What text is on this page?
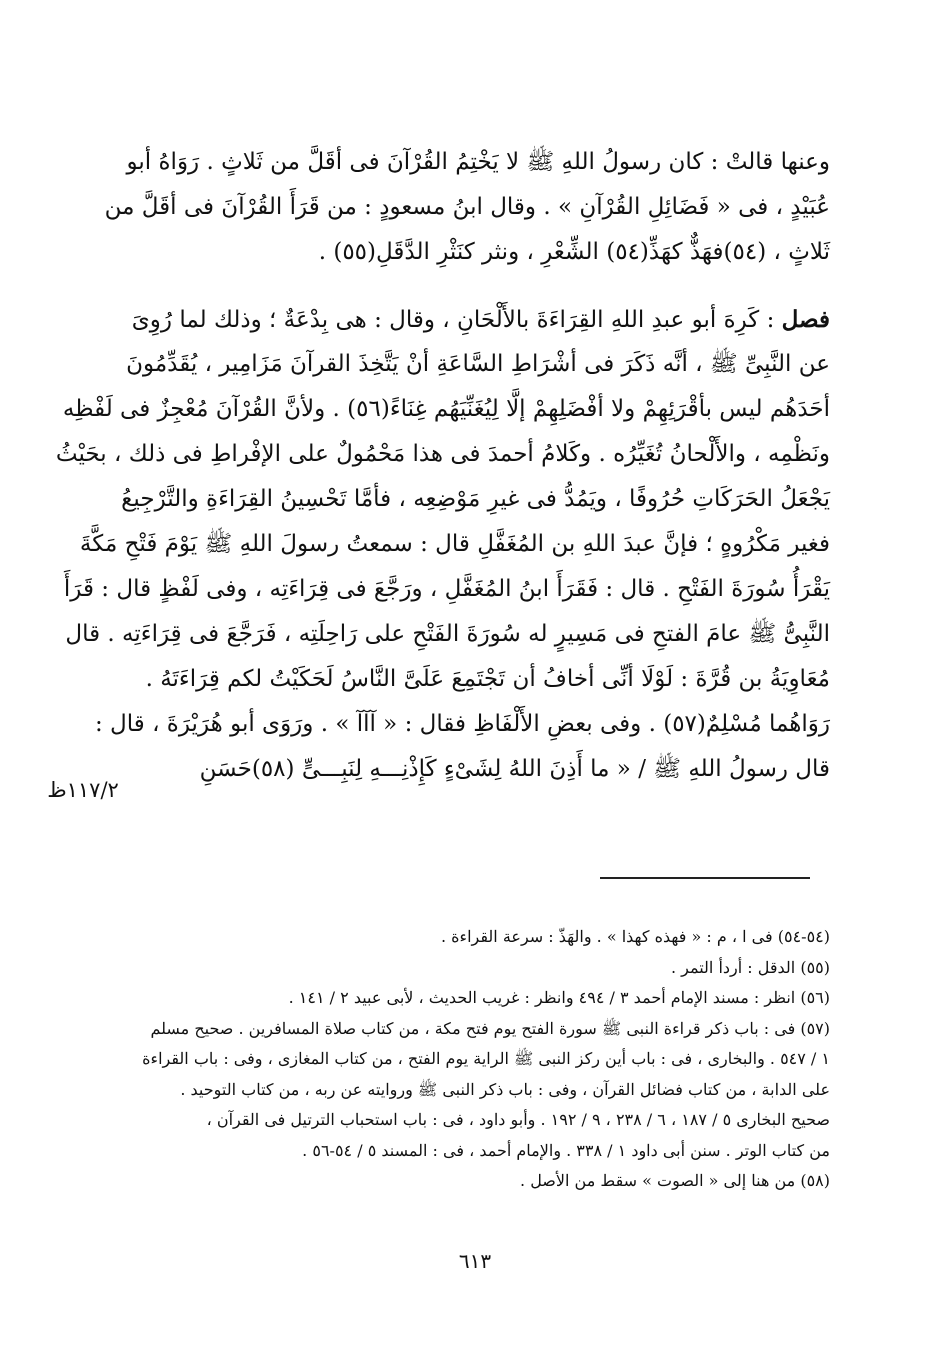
وعنها قالتْ : كان رسولُ اللهِ ﷺ لا يَخْتِمُ القُرْآنَ فى أقَلَّ من ثَلاثٍ . رَوَاهُ أبو
عُبَيْدٍ ، فى « فَضَائِلِ القُرْآنِ » . وقال ابنُ مسعودٍ : من قَرَأَ القُرْآنَ فى أقَلَّ من
ثَلاثٍ ، (٥٤)فهَذٌّ كهَذِّ(٥٤) الشِّعْرِ ، ونثر كنَثْرِ الدَّقَلِ(٥٥) .
فصل : كَرِهَ أبو عبدِ اللهِ القِرَاءَةَ بالأَلْحَانِ ، وقال : هى بِدْعَةٌ ؛ وذلك لما رُوِىَ
عن النَّبِىِّ ﷺ ، أنَّه ذَكَرَ فى أشْرَاطِ السَّاعَةِ أنْ يَتَّخِذَ القرآنَ مَزَامِير ، يُقَدِّمُونَ
أحَدَهُم ليس بأقْرَئِهِمْ ولا أفْضَلِهِمْ إلَّا لِيُغَنِّيَهُم غِنَاءً(٥٦) . ولأنَّ القُرْآنَ مُعْجِزٌ فى لَفْظِه
ونَظْمِه ، والأَلْحانُ تُغَيِّرُه . وكَلامُ أحمدَ فى هذا مَحْمُولٌ على الإفْراطِ فى ذلك ، بحَيْثُ
يَجْعَلُ الحَرَكَاتِ حُرُوفًا ، ويَمُدُّ فى غيرِ مَوْضِعِه ، فأمَّا تَحْسِينُ القِرَاءَةِ والتَّرْجِيعُ
فغير مَكْرُوهٍ ؛ فإنَّ عبدَ اللهِ بن المُغَفَّلِ قال : سمعتُ رسولَ اللهِ ﷺ يَوْمَ فَتْحِ مَكَّةَ
يَقْرَأُ سُورَةَ الفَتْحِ . قال : فَقَرَأَ ابنُ المُغَفَّلِ ، ورَجَّعَ فى قِرَاءَتِه ، وفى لَفْظٍ قال : قَرَأَ
النَّبِىُّ ﷺ عامَ الفتحِ فى مَسِيرٍ له سُورَةَ الفَتْحِ على رَاحِلَتِه ، فَرَجَّعَ فى قِرَاءَتِه . قال
مُعَاوِيَةُ بن قُرَّةَ : لَوْلَا أنِّى أخافُ أن تَجْتَمِعَ عَلَىَّ النَّاسُ لَحَكَيْتُ لكم قِرَاءَتَهُ .
رَوَاهُما مُسْلِمٌ(٥٧) . وفى بعضِ الأَلْفَاظِ فقال : « آآآ » . ورَوَى أبو هُرَيْرَةَ ، قال :
قال رسولُ اللهِ ﷺ / « ما أَذِنَ اللهُ لِشَىْءٍ كَإِذْنِـــهِ لِنَبِـــىٍّ (٥٨)حَسَنِ
١١٧/٢ظ
(٥٤-٥٤) فى ا ، م : « فهذه كهذا » . والهَذّ : سرعة القراءة .
(٥٥) الدقل : أردأ التمر .
(٥٦) انظر : مسند الإمام أحمد ٣ / ٤٩٤ وانظر : غريب الحديث ، لأبى عبيد ٢ / ١٤١ .
(٥٧) فى : باب ذكر قراءة النبى ﷺ سورة الفتح يوم فتح مكة ، من كتاب صلاة المسافرين . صحيح مسلم
١ / ٥٤٧ . والبخارى ، فى : باب أين ركز النبى ﷺ الراية يوم الفتح ، من كتاب المغازى ، وفى : باب القراءة
على الدابة ، من كتاب فضائل القرآن ، وفى : باب ذكر النبى ﷺ وروايته عن ربه ، من كتاب التوحيد .
صحيح البخارى ٥ / ١٨٧ ، ٦ / ٢٣٨ ، ٩ / ١٩٢ . وأبو داود ، فى : باب استحباب الترتيل فى القرآن ،
من كتاب الوتر . سنن أبى داود ١ / ٣٣٨ . والإمام أحمد ، فى : المسند ٥ / ٥٤-٥٦ .
(٥٨) من هنا إلى « الصوت » سقط من الأصل .
٦١٣
